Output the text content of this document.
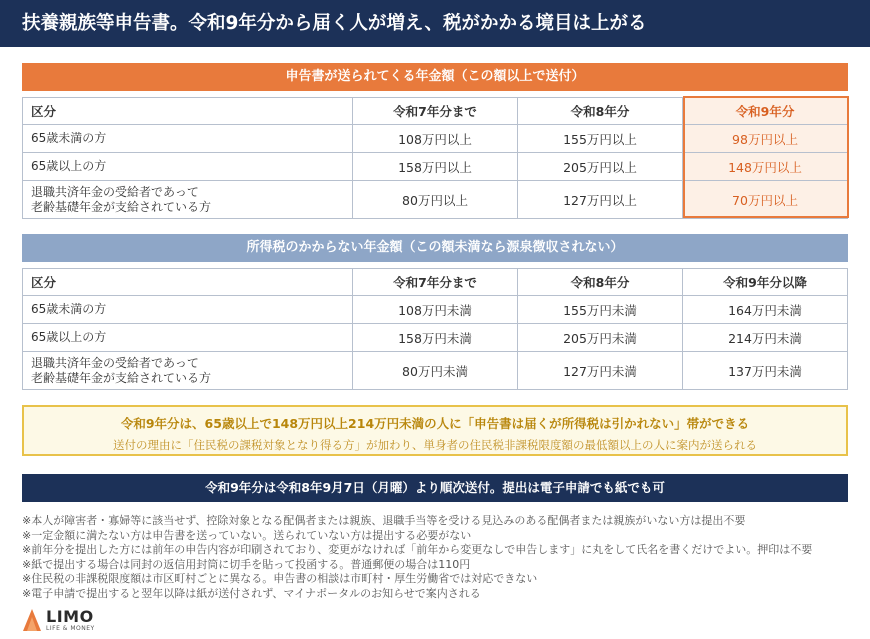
扶養親族等申告書。令和9年分から届く人が増え、税がかかる境目は上がる
申告書が送られてくる年金額（この額以上で送付）
区分	令和7年分まで	令和8年分	令和9年分
65歳未満の方	108万円以上	155万円以上	98万円以上
65歳以上の方	158万円以上	205万円以上	148万円以上

退職共済年金の受給者であって
老齢基礎年金が支給されている方	80万円以上	127万円以上	70万円以上
所得税のかからない年金額（この額未満なら源泉徴収されない）
区分	令和7年分まで	令和8年分	令和9年分以降
65歳未満の方	108万円未満	155万円未満	164万円未満
65歳以上の方	158万円未満	205万円未満	214万円未満

退職共済年金の受給者であって
老齢基礎年金が支給されている方	80万円未満	127万円未満	137万円未満
令和9年分は、65歳以上で148万円以上214万円未満の人に「申告書は届くが所得税は引かれない」帯ができる
送付の理由に「住民税の課税対象となり得る方」が加わり、単身者の住民税非課税限度額の最低額以上の人に案内が送られる
令和9年分は令和8年9月7日（月曜）より順次送付。提出は電子申請でも紙でも可
※本人が障害者・寡婦等に該当せず、控除対象となる配偶者または親族、退職手当等を受ける見込みのある配偶者または親族がいない方は提出不要
※一定金額に満たない方は申告書を送っていない。送られていない方は提出する必要がない
※前年分を提出した方には前年の申告内容が印刷されており、変更がなければ「前年から変更なしで申告します」に丸をして氏名を書くだけでよい。押印は不要
※紙で提出する場合は同封の返信用封筒に切手を貼って投函する。普通郵便の場合は110円
※住民税の非課税限度額は市区町村ごとに異なる。申告書の相談は市町村・厚生労働省では対応できない
※電子申請で提出すると翌年以降は紙が送付されず、マイナポータルのお知らせで案内される
LIMO
LIFE & MONEY
